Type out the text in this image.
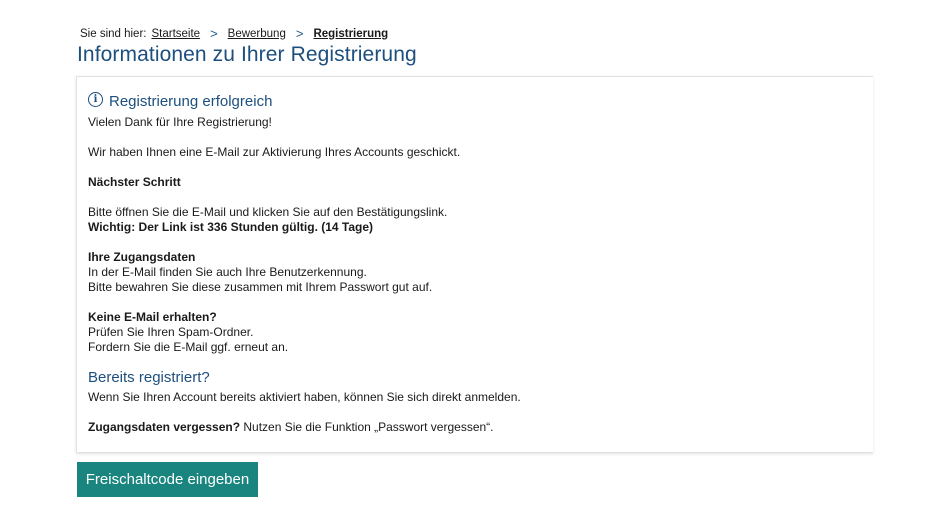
Sie sind hier: Startseite > Bewerbung > Registrierung
Informationen zu Ihrer Registrierung
i Registrierung erfolgreich

Vielen Dank für Ihre Registrierung!

Wir haben Ihnen eine E-Mail zur Aktivierung Ihres Accounts geschickt.

Nächster Schritt

Bitte öffnen Sie die E-Mail und klicken Sie auf den Bestätigungslink.

Wichtig: Der Link ist 336 Stunden gültig. (14 Tage)

Ihre Zugangsdaten

In der E-Mail finden Sie auch Ihre Benutzerkennung.

Bitte bewahren Sie diese zusammen mit Ihrem Passwort gut auf.

Keine E-Mail erhalten?

Prüfen Sie Ihren Spam-Ordner.

Fordern Sie die E-Mail ggf. erneut an.

Bereits registriert?

Wenn Sie Ihren Account bereits aktiviert haben, können Sie sich direkt anmelden.

Zugangsdaten vergessen? Nutzen Sie die Funktion „Passwort vergessen“.

Freischaltcode eingeben
